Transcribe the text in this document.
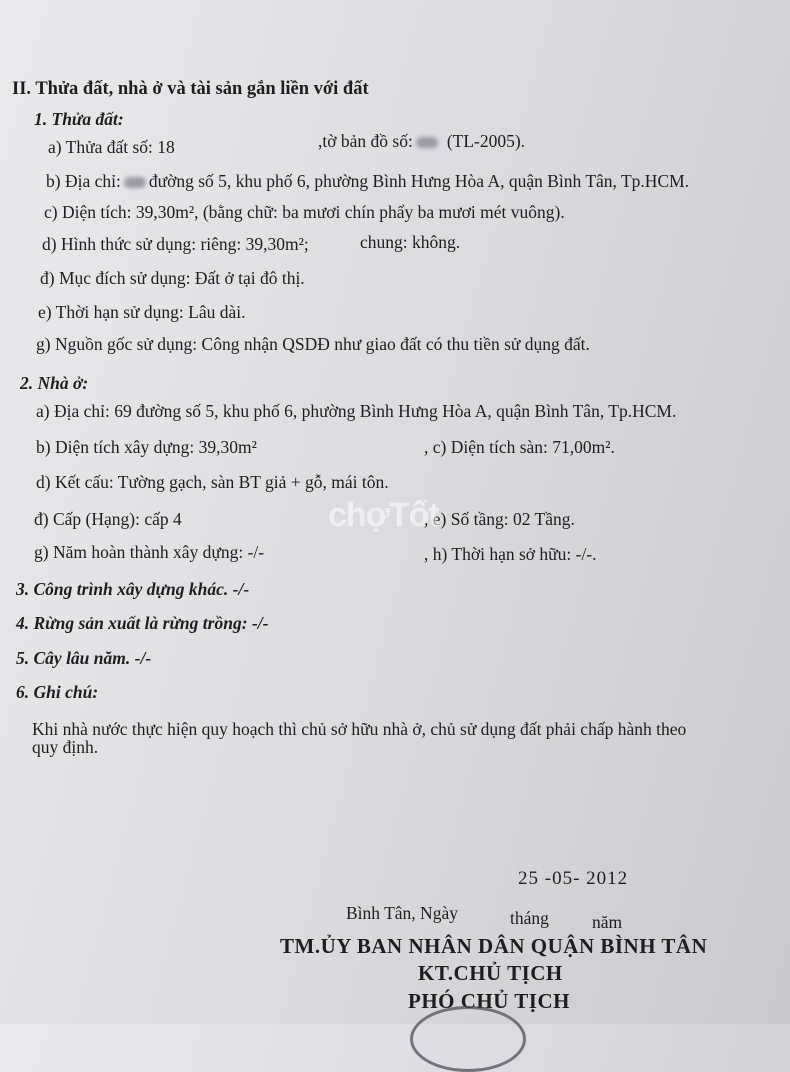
II. Thửa đất, nhà ở và tài sản gắn liền với đất
1. Thửa đất:
a) Thửa đất số: 18	,tờ bản đồ số: (TL-2005).
b) Địa chỉ: đường số 5, khu phố 6, phường Bình Hưng Hòa A, quận Bình Tân, Tp.HCM.
c) Diện tích: 39,30m², (bằng chữ: ba mươi chín phẩy ba mươi mét vuông).
d) Hình thức sử dụng: riêng: 39,30m²;	chung: không.
đ) Mục đích sử dụng: Đất ở tại đô thị.
e) Thời hạn sử dụng: Lâu dài.
g) Nguồn gốc sử dụng: Công nhận QSDĐ như giao đất có thu tiền sử dụng đất.
2. Nhà ở:
a) Địa chỉ: 69 đường số 5, khu phố 6, phường Bình Hưng Hòa A, quận Bình Tân, Tp.HCM.
b) Diện tích xây dựng: 39,30m²	, c) Diện tích sàn: 71,00m².
d) Kết cấu: Tường gạch, sàn BT giả + gỗ, mái tôn.
đ) Cấp (Hạng): cấp 4	, e) Số tầng: 02 Tầng.
g) Năm hoàn thành xây dựng: -/-	, h) Thời hạn sở hữu: -/-.
3. Công trình xây dựng khác. -/-
4. Rừng sản xuất là rừng trồng: -/-
5. Cây lâu năm. -/-
6. Ghi chú:
Khi nhà nước thực hiện quy hoạch thì chủ sở hữu nhà ở, chủ sử dụng đất phải chấp hành theo
quy định.
25 -05- 2012
Bình Tân, Ngày	tháng năm
TM.ỦY BAN NHÂN DÂN QUẬN BÌNH TÂN
KT.CHỦ TỊCH
PHÓ CHỦ TỊCH
chợTốt
